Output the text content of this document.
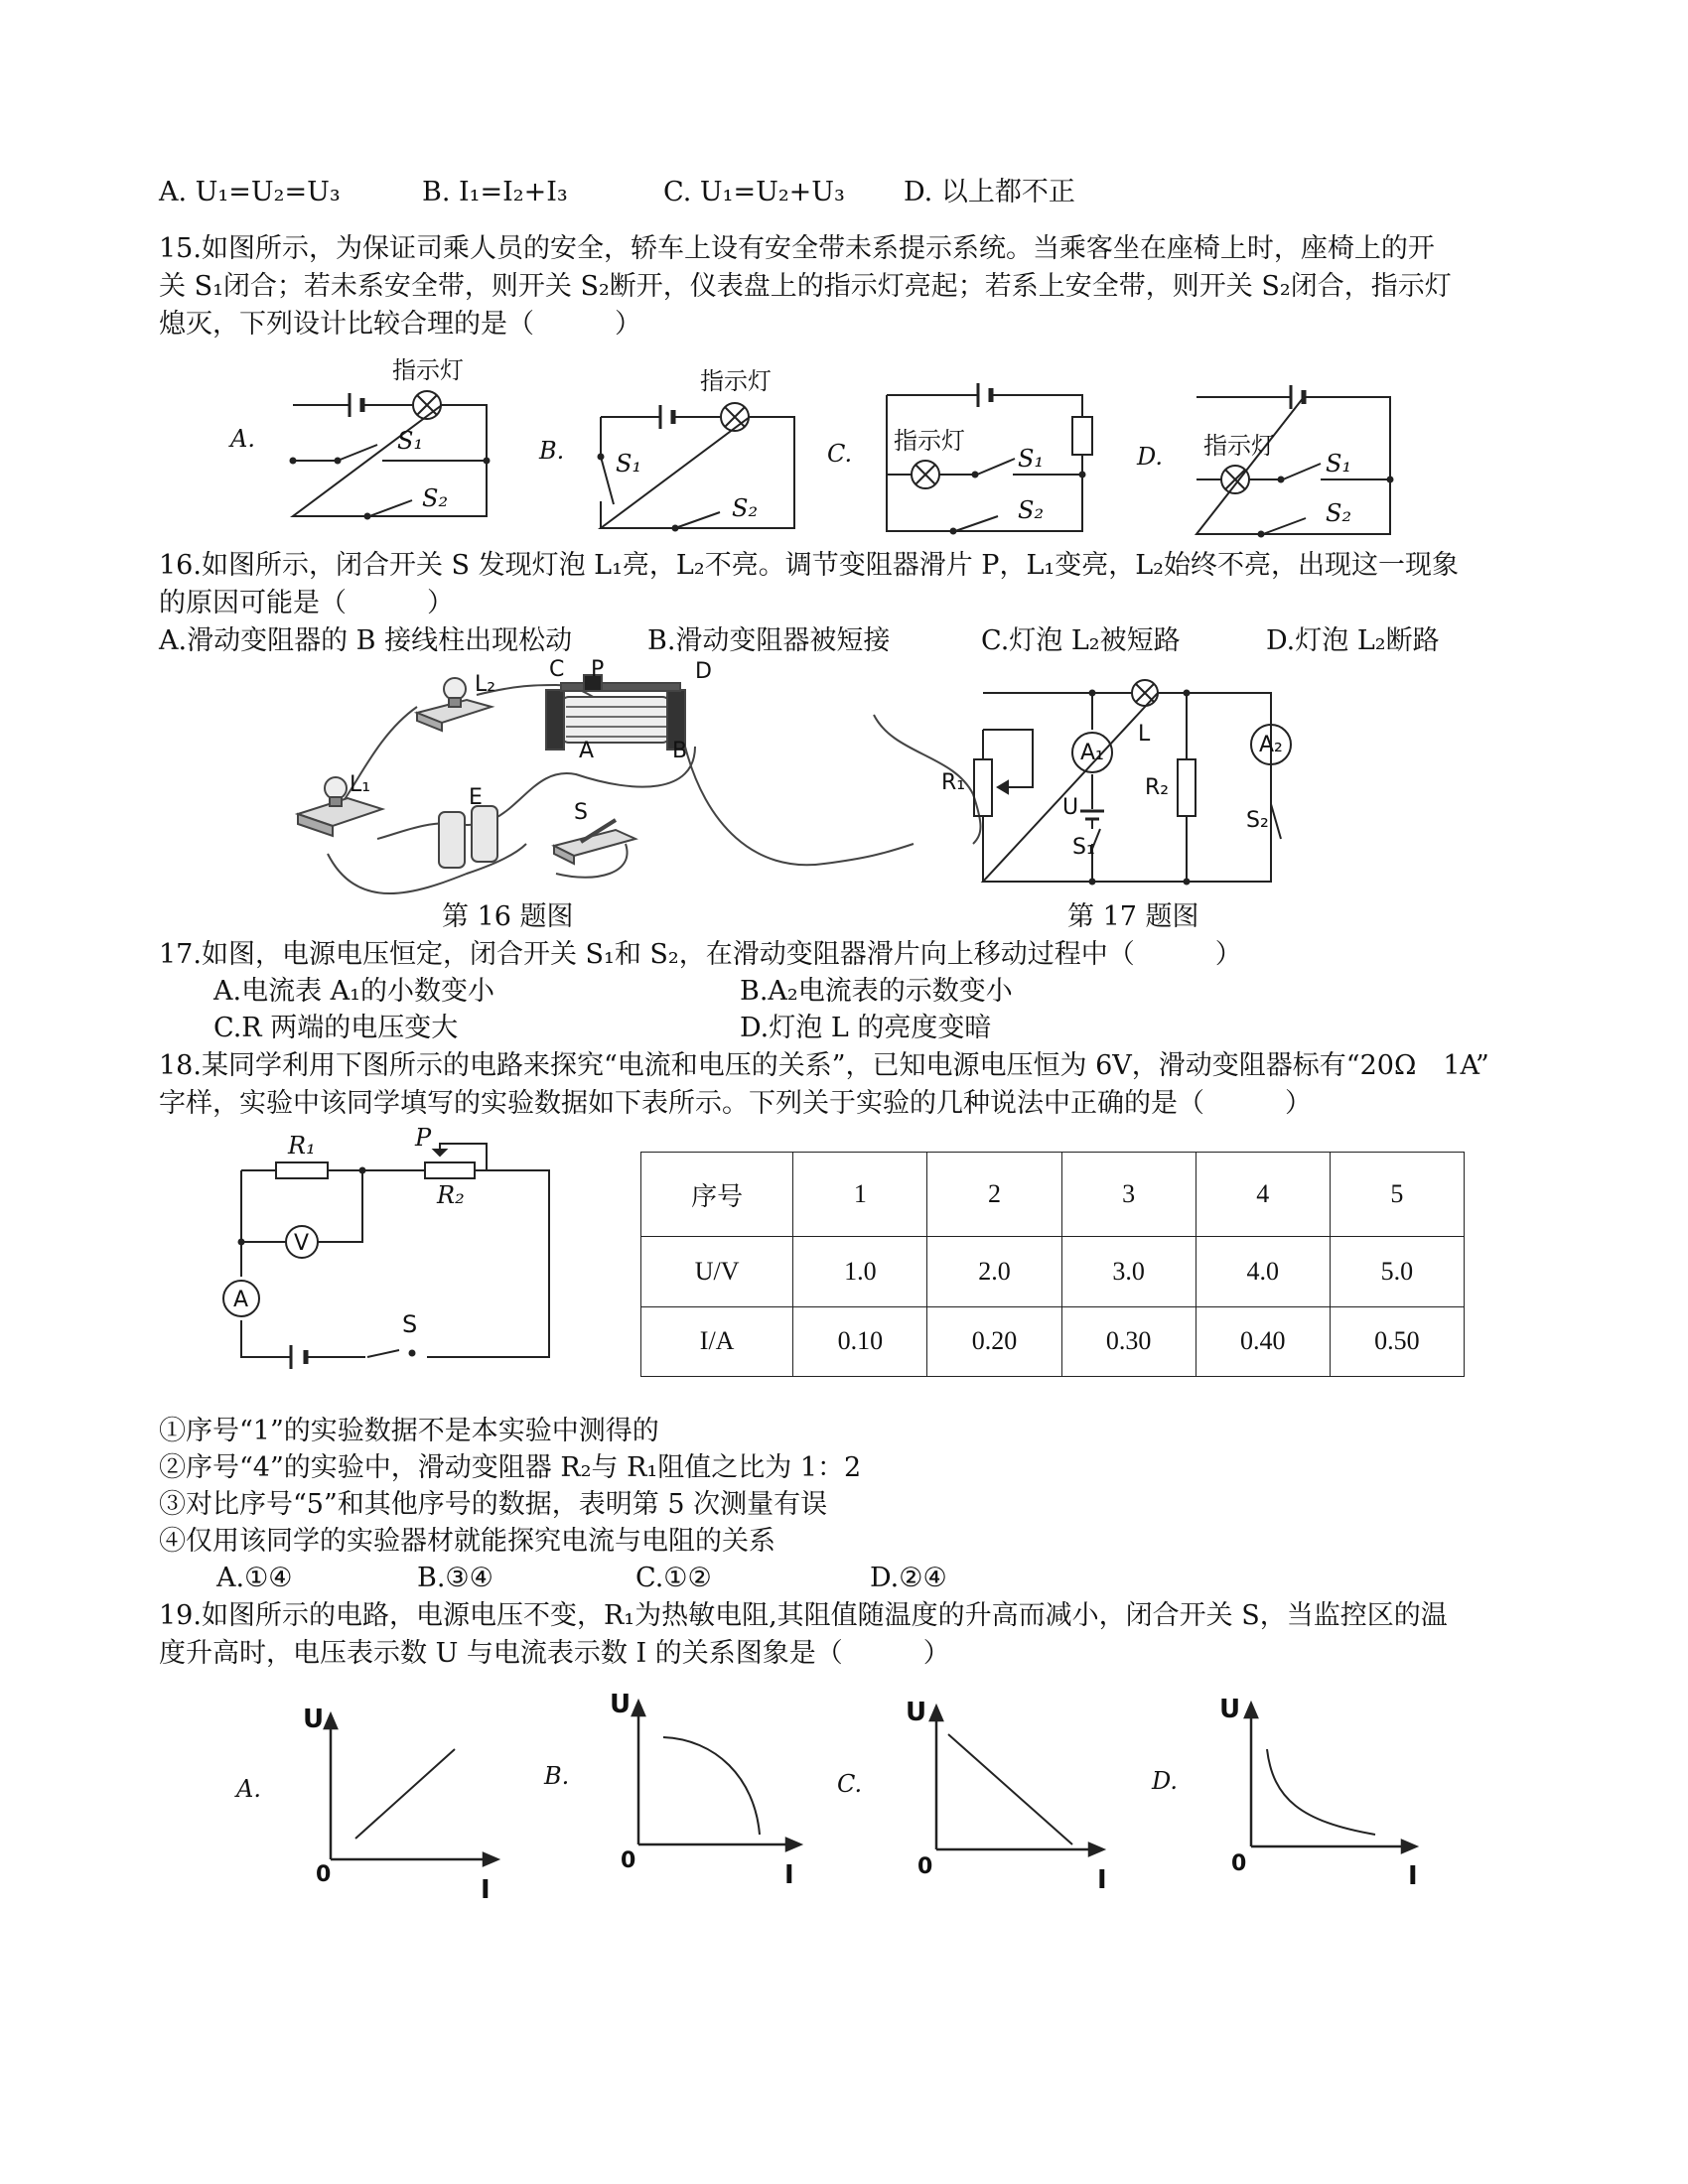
A. U₁=U₂=U₃	B. I₁=I₂+I₃	C. U₁=U₂+U₃ D. 以上都不正
15.如图所示，为保证司乘人员的安全，轿车上设有安全带未系提示系统。当乘客坐在座椅上时，座椅上的开
关 S₁闭合；若未系安全带，则开关 S₂断开，仪表盘上的指示灯亮起；若系上安全带，则开关 S₂闭合，指示灯
熄灭，下列设计比较合理的是（　　　）
指示灯	指示灯
指示灯	指示灯
S₁
S₂
S₁
S₂
S₁
S₂
S₁
S₂
A.	B.	C.	D.
16.如图所示，闭合开关 S 发现灯泡 L₁亮，L₂不亮。调节变阻器滑片 P，L₁变亮，L₂始终不亮，出现这一现象
的原因可能是（　　　）
A.滑动变阻器的 B 接线柱出现松动	B.滑动变阻器被短接	C.灯泡 L₂被短路	D.灯泡 L₂断路
L₂
C P	D
A	B
L₁
E
S
L
A₁	A₂
R₁	R₂
U
S₁
S₂
第 16 题图	第 17 题图
17.如图，电源电压恒定，闭合开关 S₁和 S₂，在滑动变阻器滑片向上移动过程中（　　　）
A.电流表 A₁的小数变小	B.A₂电流表的示数变小
C.R 两端的电压变大	D.灯泡 L 的亮度变暗
18.某同学利用下图所示的电路来探究“电流和电压的关系”，已知电源电压恒为 6V，滑动变阻器标有“20Ω　1A”
字样，实验中该同学填写的实验数据如下表所示。下列关于实验的几种说法中正确的是（　　　）
R₁	P
R₂
V
A
S
序号	1	2	3	4	5
U/V	1.0	2.0	3.0	4.0	5.0
I/A	0.10	0.20	0.30	0.40	0.50
①序号“1”的实验数据不是本实验中测得的
②序号“4”的实验中，滑动变阻器 R₂与 R₁阻值之比为 1：2
③对比序号“5”和其他序号的数据，表明第 5 次测量有误
④仅用该同学的实验器材就能探究电流与电阻的关系
A.①④	B.③④	C.①②	D.②④
19.如图所示的电路，电源电压不变，R₁为热敏电阻,其阻值随温度的升高而减小，闭合开关 S，当监控区的温
度升高时，电压表示数 U 与电流表示数 I 的关系图象是（　　　）
U
I
0
U
I
0
U
I
0
U
I
0
A.	B.	C.	D.
